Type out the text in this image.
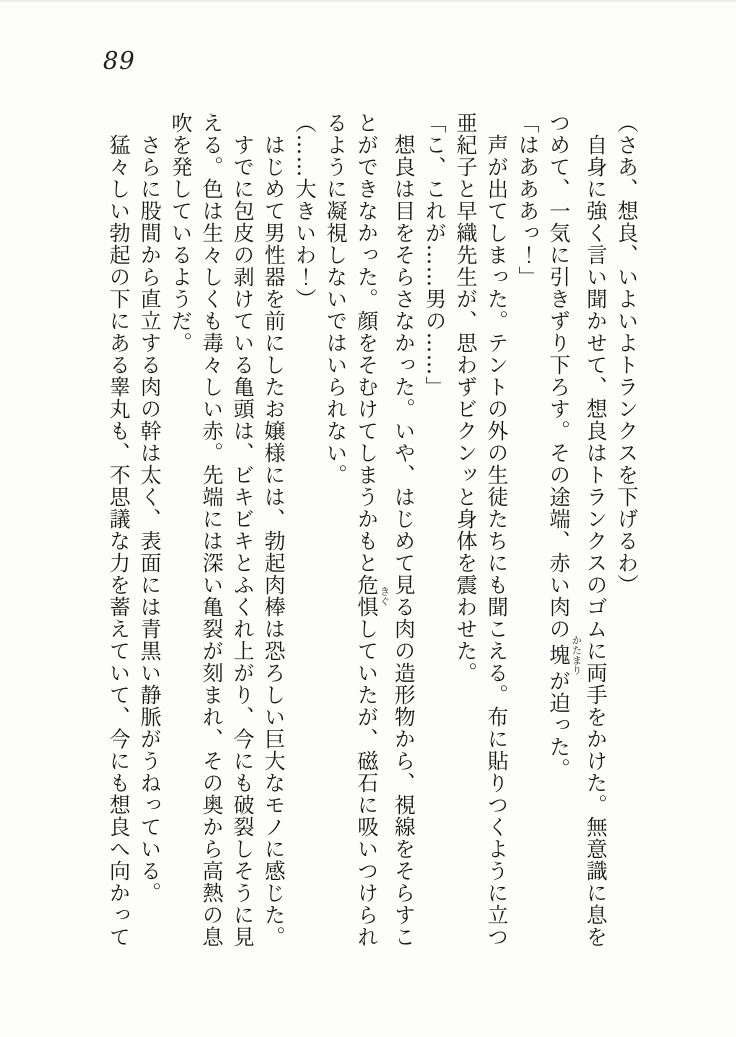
89
（さあ、想良、いよいよトランクスを下げるわ）
自身に強く言い聞かせて、想良はトランクスのゴムに両手をかけた。無意識に息を
つめて、一気に引きずり下ろす。その途端、赤い肉の塊かたまりが迫った。
「はあああっ！」
声が出てしまった。テントの外の生徒たちにも聞こえる。布に貼りつくように立つ
亜紀子と早織先生が、思わずビクンッと身体を震わせた。
「こ、これが……男の……」
想良は目をそらさなかった。いや、はじめて見る肉の造形物から、視線をそらすこ
とができなかった。顔をそむけてしまうかもと危惧きぐしていたが、磁石に吸いつけられ
るように凝視しないではいられない。
（……大きいわ！）
はじめて男性器を前にしたお嬢様には、勃起肉棒は恐ろしい巨大なモノに感じた。
すでに包皮の剥けている亀頭は、ビキビキとふくれ上がり、今にも破裂しそうに見
える。色は生々しくも毒々しい赤。先端には深い亀裂が刻まれ、その奥から高熱の息
吹を発しているようだ。
さらに股間から直立する肉の幹は太く、表面には青黒い静脈がうねっている。
猛々しい勃起の下にある睾丸も、不思議な力を蓄えていて、今にも想良へ向かって
